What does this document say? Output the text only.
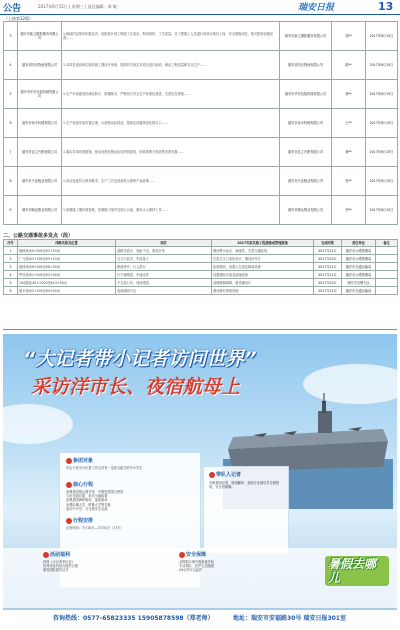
公告	2017年6月15日 | 星期三 | 责任编辑：周 敏	瑞安日报	13
（上接第12版）
3	瑞安市新立摄影服务有限公司	1.租地约定使用年限以内，经批准计划工程施工完成后，利用材料、工艺质量，对工程施工人员进行培训合格后上岗，安全措施到位，相关配套设施完善……	瑞安市新立摄影服务有限公司	周**	2017年6月15日
4	瑞安市阳光物流有限公司	1.对项目建设单位组织施工图设计审查，按照有关规定对项目进行验收，保证工程质量和安全生产……	瑞安市阳光物流有限公司	陈**	2017年6月15日
5	瑞安市华东包装机械有限公司	1.生产车间建设应满足防火、防爆要求，严格执行安全生产标准化建设，完善应急预案……	瑞安市华东包装机械有限公司	林**	2017年6月15日
6	瑞安市伟丰机械有限公司	1.生产设备安装布置合理，污染物达标排放，按规定设置规范化排污口……	瑞安市伟丰机械有限公司	王**	2017年6月15日
7	瑞安市亿立汽配有限公司	1.落实各项环保措施，废水经预处理达标后纳管排放，固体废物分类收集妥善处置……	瑞安市亿立汽配有限公司	黄**	2017年6月15日
8	瑞安市兴业鞋业有限公司	1.项目选址符合规划要求，生产工艺及设备符合国家产业政策……	瑞安市兴业鞋业有限公司	张**	2017年6月15日
9	瑞安市顺达塑业有限公司	1.加强施工期环境管理，控制施工噪声及扬尘污染，做好水土保持工作……	瑞安市顺达塑业有限公司	李**	2017年6月15日
二、公路交通事故多发点（段）
序号	线路名称及位置	现状	2017年拟实施工程措施或管理措施	完成时限	责任单位	备注
1	瑞枫线(K0+000至K2+500)	道路弯道多，视距不良，事故多发	增设警示标志、减速带，完善交通标线	2017年12月	瑞安市公路管理局	
2	广飞线(K3+200至K5+100)	交叉口较多，车流量大	完善交叉口渠化设计，增设信号灯	2017年10月	瑞安市公路管理局	
3	瑞林线(K6+000至K8+300)	路面狭窄，行人混行	拓宽路面，设置人行道及隔离设施	2017年12月	瑞安市交通运输局	
4	罗凤线(K1+000至K3+000)	长下坡路段，车速过快	设置避险车道及测速设备	2017年11月	瑞安市公路管理局	
5	104国道(K12+000至K14+500)	平交道口多，视线受阻	清理路侧障碍，增设爆闪灯	2017年10月	瑞安市交警大队	
6	瑞平线(K2+500至K4+000)	夜间照明不足	增设路灯照明设施	2017年12月	瑞安市交通运输局	
“大记者带小记者访问世界”
采访洋市长、夜宿航母上
参团对象
有志于成为小记者工作且具有一定综合能力的中小学生
核心行程
参观美国国会图书馆、中国驻美国大使馆
与市长面对面，采访当地政要
参观美国海军航母，夜宿航母
参观哈佛大学、耶鲁大学等名校
参访中小学，与当地学生交流
行程安排
出发时间：7月15日—7月31日（17天）
带队人记者
专职带团记者、资深翻译、营地专业辅导员全程陪同，安全有保障。
活动福利
获得《小记者采访证》
优秀作品刊登在瑞安日报
颁发国际游学证书
安全保障
全程购买境外旅游意外险
专业领队、医护人员随团
24小时安全监护	暑假去哪儿
咨询热线：0577-65823335 15905878598（郑老师）	地址：瑞安市安福路30号 瑞安日报301室
